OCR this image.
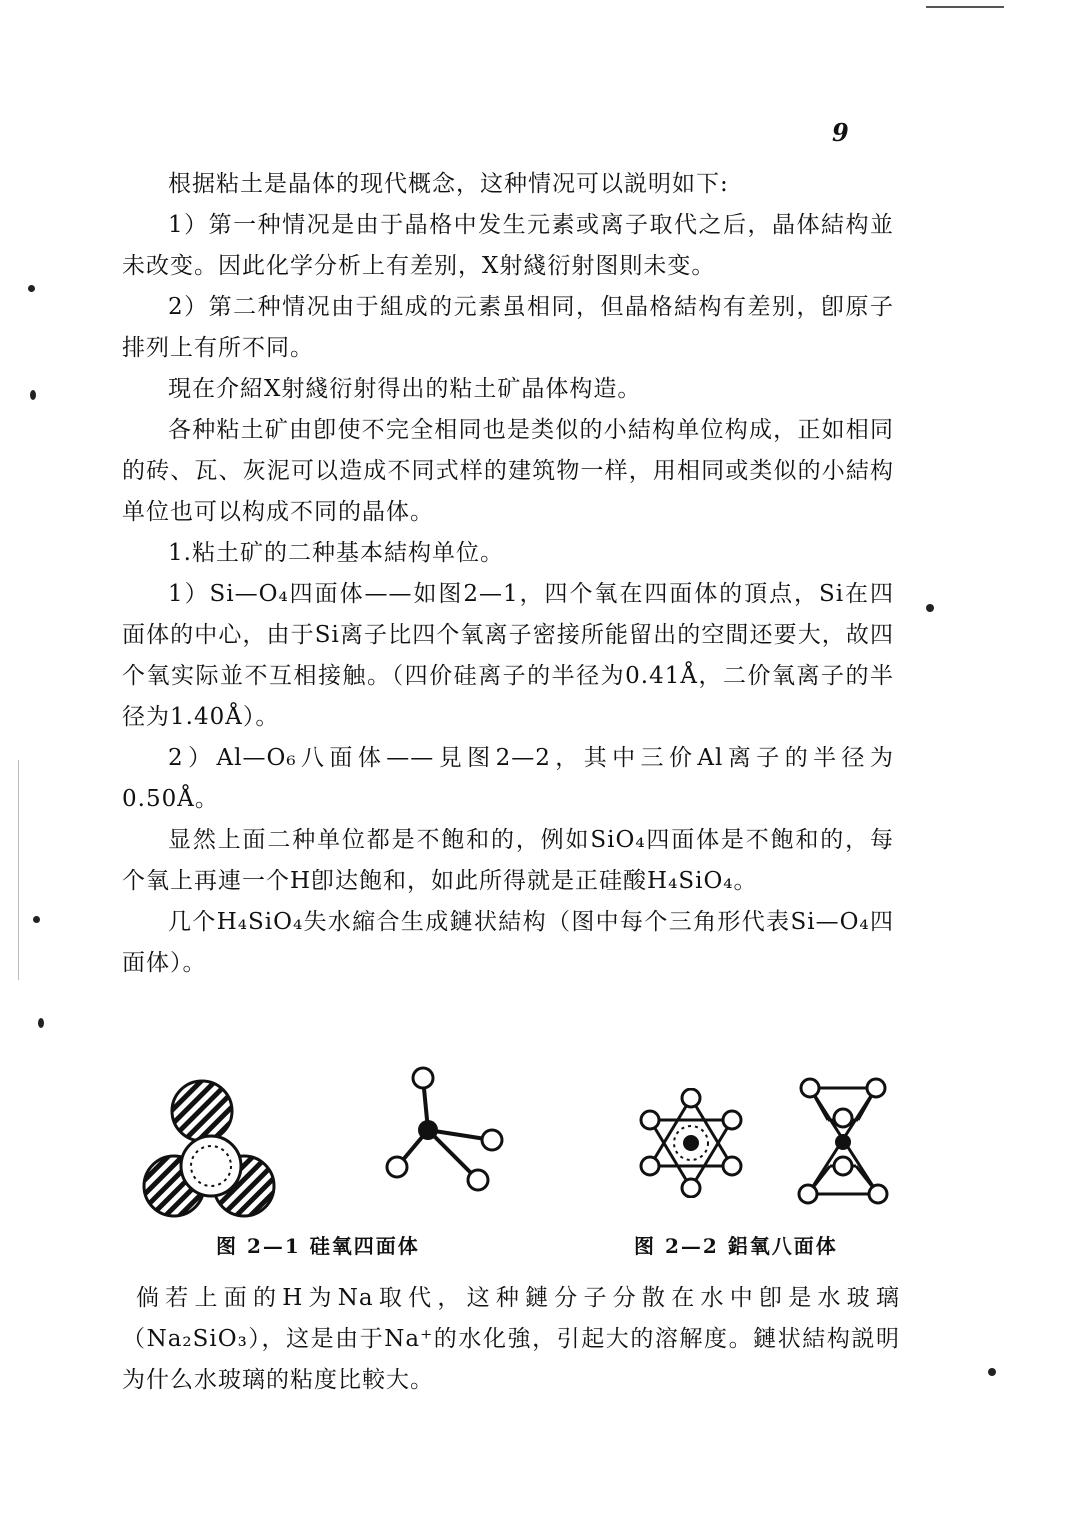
9

根据粘土是晶体的现代概念，这种情况可以説明如下:

1）第一种情况是由于晶格中发生元素或离子取代之后，晶体結构並未改变。因此化学分析上有差别，X射綫衍射图則未变。

2）第二种情况由于組成的元素虽相同，但晶格結构有差别，卽原子排列上有所不同。

現在介紹X射綫衍射得出的粘土矿晶体构造。

各种粘土矿由卽使不完全相同也是类似的小結构单位构成，正如相同的砖、瓦、灰泥可以造成不同式样的建筑物一样，用相同或类似的小結构单位也可以构成不同的晶体。

1.粘土矿的二种基本結构单位。

1）Si—O₄四面体——如图2—1，四个氧在四面体的頂点，Si在四面体的中心，由于Si离子比四个氧离子密接所能留出的空間还要大，故四个氧实际並不互相接触。（四价硅离子的半径为0.41Å，二价氧离子的半径为1.40Å）。

2）Al—O₆八面体——見图2—2，其中三价Al离子的半径为0.50Å。

显然上面二种单位都是不飽和的，例如SiO₄四面体是不飽和的，每个氧上再連一个H卽达飽和，如此所得就是正硅酸H₄SiO₄。

几个H₄SiO₄失水縮合生成鏈状結构（图中每个三角形代表Si—O₄四面体）。

图 2—1 硅氧四面体	图 2—2 鋁氧八面体

倘若上面的H为Na取代，这种鏈分子分散在水中卽是水玻璃（Na₂SiO₃），这是由于Na⁺的水化強，引起大的溶解度。鏈状結构説明为什么水玻璃的粘度比較大。
